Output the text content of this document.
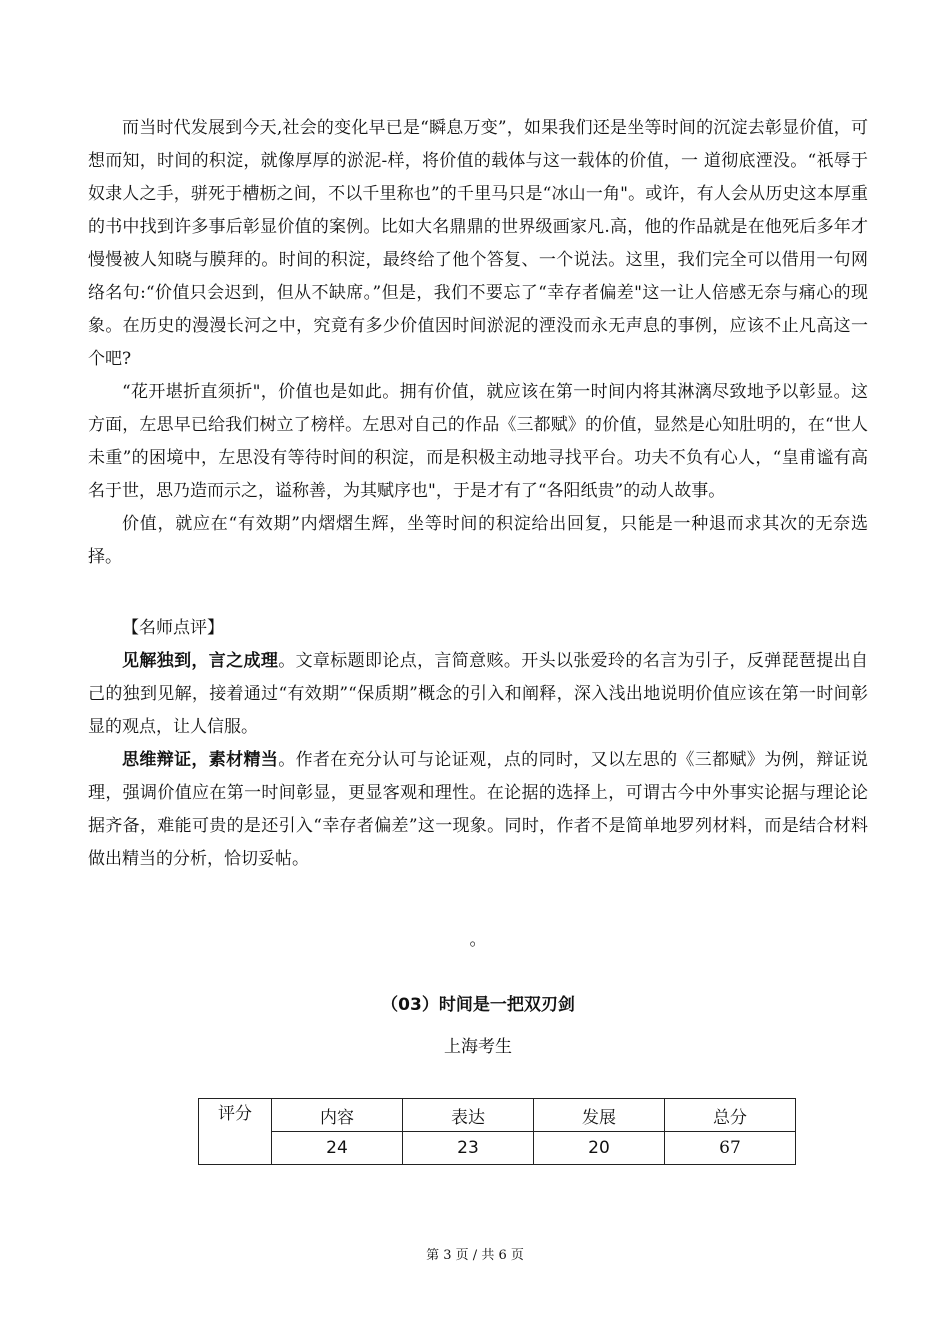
而当时代发展到今天,社会的变化早已是“瞬息万变”，如果我们还是坐等时间的沉淀去彰显价值，可想而知，时间的积淀，就像厚厚的淤泥-样，将价值的载体与这一载体的价值，一 道彻底湮没。“祇辱于奴隶人之手，骈死于槽枥之间，不以千里称也”的千里马只是“冰山一角"。或许，有人会从历史这本厚重的书中找到许多事后彰显价值的案例。比如大名鼎鼎的世界级画家凡.高，他的作品就是在他死后多年才慢慢被人知晓与膜拜的。时间的积淀，最终给了他个答复、一个说法。这里，我们完全可以借用一句网络名句:“价值只会迟到，但从不缺席。”但是，我们不要忘了“幸存者偏差"这一让人倍感无奈与痛心的现象。在历史的漫漫长河之中，究竟有多少价值因时间淤泥的湮没而永无声息的事例，应该不止凡高这一个吧?

“花开堪折直须折"，价值也是如此。拥有价值，就应该在第一时间内将其淋漓尽致地予以彰显。这方面，左思早已给我们树立了榜样。左思对自己的作品《三都赋》的价值，显然是心知肚明的，在“世人未重”的困境中，左思没有等待时间的积淀，而是积极主动地寻找平台。功夫不负有心人，“皇甫谧有高名于世，思乃造而示之，谥称善，为其赋序也"，于是才有了“各阳纸贵”的动人故事。

价值，就应在“有效期”内熠熠生辉，坐等时间的积淀给出回复，只能是一种退而求其次的无奈选择。

【名师点评】

见解独到，言之成理。文章标题即论点，言简意赅。开头以张爱玲的名言为引子，反弹琵琶提出自己的独到见解，接着通过“有效期”“保质期”概念的引入和阐释，深入浅出地说明价值应该在第一时间彰显的观点，让人信服。

思维辩证，素材精当。作者在充分认可与论证观，点的同时，又以左思的《三都赋》为例，辩证说理，强调价值应在第一时间彰显，更显客观和理性。在论据的选择上，可谓古今中外事实论据与理论论据齐备，难能可贵的是还引入“幸存者偏差”这一现象。同时，作者不是简单地罗列材料，而是结合材料做出精当的分析，恰切妥帖。

。
（03）时间是一把双刃剑
上海考生
评分	内容	表达	发展	总分
	24	23	20	67
第 3 页 / 共 6 页
